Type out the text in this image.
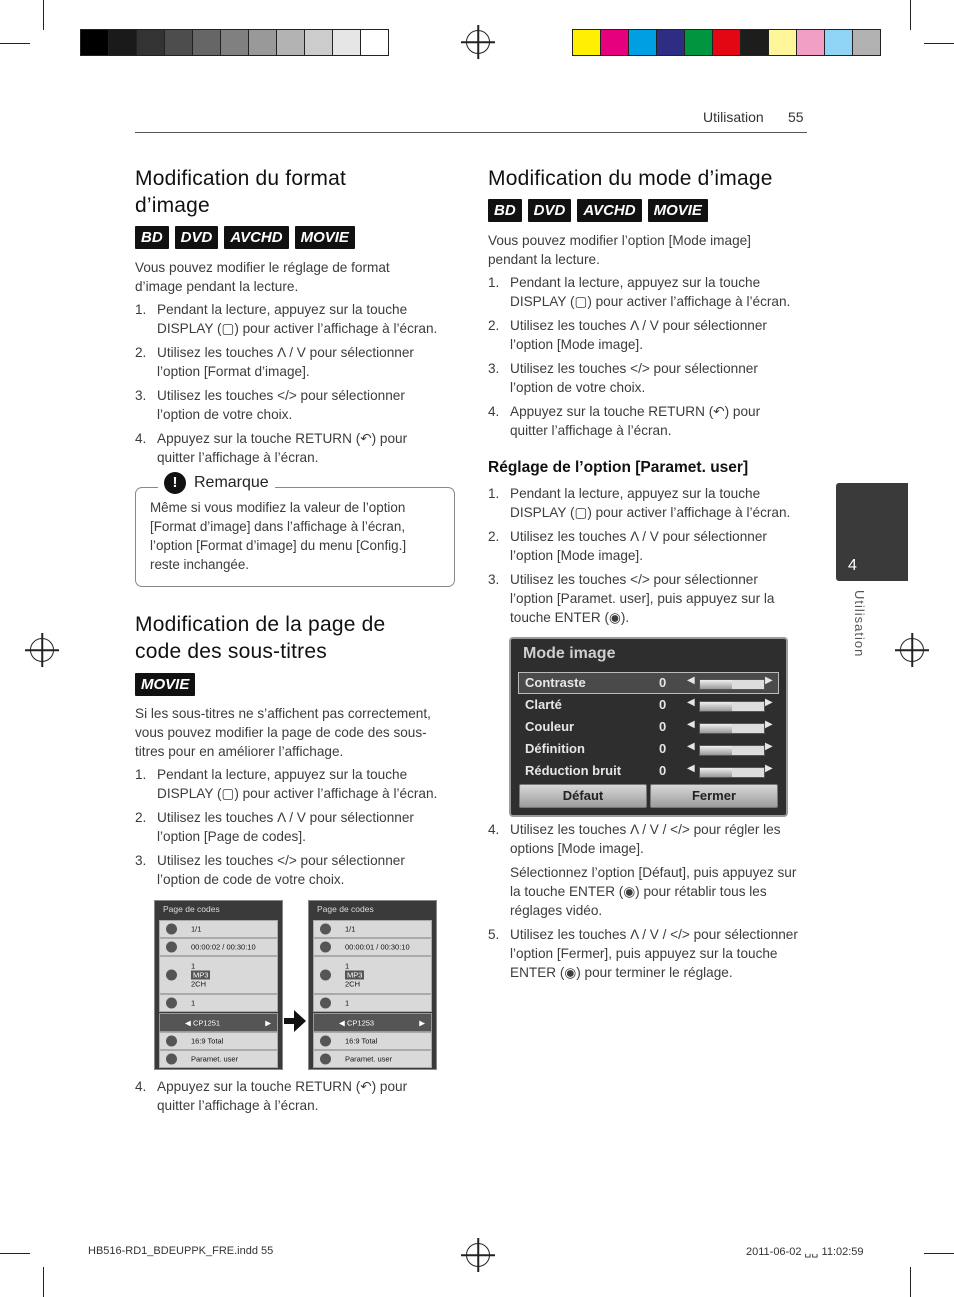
Utilisation 55
Modification du format
d’image
BD	DVD	AVCHD	MOVIE
Vous pouvez modifier le réglage de format d’image pendant la lecture.
1. Pendant la lecture, appuyez sur la touche DISPLAY (▢) pour activer l’affichage à l’écran.
2. Utilisez les touches Λ / V pour sélectionner l’option [Format d’image].
3. Utilisez les touches </> pour sélectionner l’option de votre choix.
4. Appuyez sur la touche RETURN (↶) pour quitter l’affichage à l’écran.
!	Remarque
Même si vous modifiez la valeur de l’option [Format d’image] dans l’affichage à l’écran, l’option [Format d’image] du menu [Config.] reste inchangée.
Modification de la page de
code des sous-titres
MOVIE
Si les sous-titres ne s’affichent pas correctement, vous pouvez modifier la page de code des sous-titres pour en améliorer l’affichage.
1. Pendant la lecture, appuyez sur la touche DISPLAY (▢) pour activer l’affichage à l’écran.
2. Utilisez les touches Λ / V pour sélectionner l’option [Page de codes].
3. Utilisez les touches </> pour sélectionner l’option de code de votre choix.
Page de codes
1/1
00:00:02 / 00:30:10
1
MP3
2CH
1
◀ CP1251	▶
16:9 Total
Paramet. user
Page de codes
1/1
00:00:01 / 00:30:10
1
MP3
2CH
1
◀ CP1253	▶
16:9 Total
Paramet. user
4. Appuyez sur la touche RETURN (↶) pour quitter l’affichage à l’écran.
Modification du mode d’image
BD	DVD	AVCHD	MOVIE
Vous pouvez modifier l’option [Mode image] pendant la lecture.
1. Pendant la lecture, appuyez sur la touche DISPLAY (▢) pour activer l’affichage à l’écran.
2. Utilisez les touches Λ / V pour sélectionner l’option [Mode image].
3. Utilisez les touches </> pour sélectionner l’option de votre choix.
4. Appuyez sur la touche RETURN (↶) pour quitter l’affichage à l’écran.
Réglage de l’option [Paramet. user]
1. Pendant la lecture, appuyez sur la touche DISPLAY (▢) pour activer l’affichage à l’écran.
2. Utilisez les touches Λ / V pour sélectionner l’option [Mode image].
3. Utilisez les touches </> pour sélectionner l’option [Paramet. user], puis appuyez sur la touche ENTER (◉).
Mode image
Contraste	0 ◀	▶
Clarté	0 ◀	▶
Couleur	0 ◀	▶
Définition	0 ◀	▶
Réduction bruit	0 ◀	▶
Défaut	Fermer
4. Utilisez les touches Λ / V / </> pour régler les options [Mode image].
Sélectionnez l’option [Défaut], puis appuyez sur la touche ENTER (◉) pour rétablir tous les réglages vidéo.
5. Utilisez les touches Λ / V / </> pour sélectionner l’option [Fermer], puis appuyez sur la touche ENTER (◉) pour terminer le réglage.
4
Utilisation
HB516-RD1_BDEUPPK_FRE.indd 55	2011-06-02 ␣␣ 11:02:59
